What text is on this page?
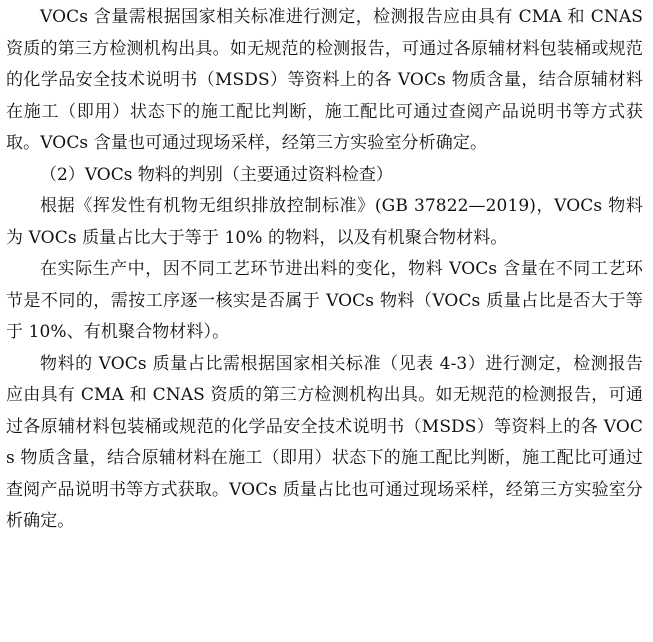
VOCs 含量需根据国家相关标准进行测定，检测报告应由具有 CMA 和 CNAS 资质的第三方检测机构出具。如无规范的检测报告，可通过各原辅材料包装桶或规范的化学品安全技术说明书（MSDS）等资料上的各 VOCs 物质含量，结合原辅材料在施工（即用）状态下的施工配比判断，施工配比可通过查阅产品说明书等方式获取。VOCs 含量也可通过现场采样，经第三方实验室分析确定。

（2）VOCs 物料的判别（主要通过资料检查）

根据《挥发性有机物无组织排放控制标准》(GB 37822—2019)，VOCs 物料为 VOCs 质量占比大于等于 10% 的物料，以及有机聚合物材料。

在实际生产中，因不同工艺环节进出料的变化，物料 VOCs 含量在不同工艺环节是不同的，需按工序逐一核实是否属于 VOCs 物料（VOCs 质量占比是否大于等于 10%、有机聚合物材料）。

物料的 VOCs 质量占比需根据国家相关标准（见表 4-3）进行测定，检测报告应由具有 CMA 和 CNAS 资质的第三方检测机构出具。如无规范的检测报告，可通过各原辅材料包装桶或规范的化学品安全技术说明书（MSDS）等资料上的各 VOCs 物质含量，结合原辅材料在施工（即用）状态下的施工配比判断，施工配比可通过查阅产品说明书等方式获取。VOCs 质量占比也可通过现场采样，经第三方实验室分析确定。
